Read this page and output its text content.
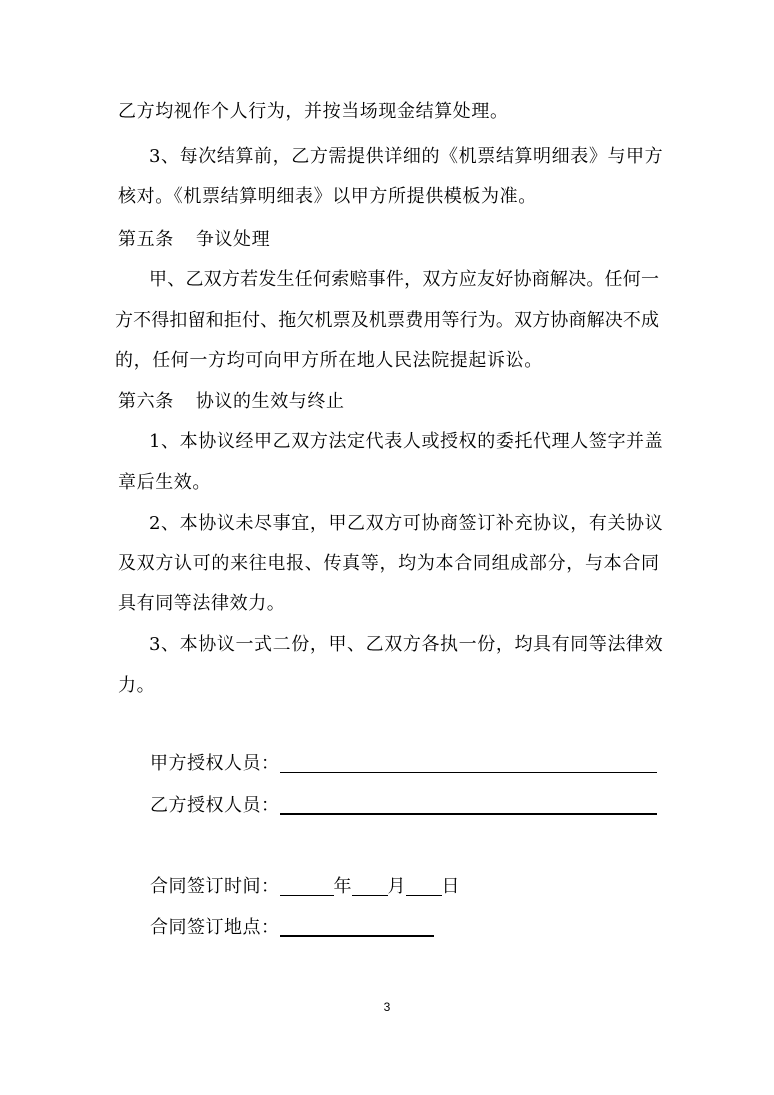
乙方均视作个人行为，并按当场现金结算处理。
3、每次结算前，乙方需提供详细的《机票结算明细表》与甲方
核对。《机票结算明细表》以甲方所提供模板为准。
第五条 争议处理
甲、乙双方若发生任何索赔事件，双方应友好协商解决。任何一
方不得扣留和拒付、拖欠机票及机票费用等行为。双方协商解决不成
的，任何一方均可向甲方所在地人民法院提起诉讼。
第六条 协议的生效与终止
1、本协议经甲乙双方法定代表人或授权的委托代理人签字并盖
章后生效。
2、本协议未尽事宜，甲乙双方可协商签订补充协议，有关协议
及双方认可的来往电报、传真等，均为本合同组成部分，与本合同
具有同等法律效力。
3、本协议一式二份，甲、乙双方各执一份，均具有同等法律效
力。
甲方授权人员：
乙方授权人员：
合同签订时间：	年 月 日
合同签订地点：
3
